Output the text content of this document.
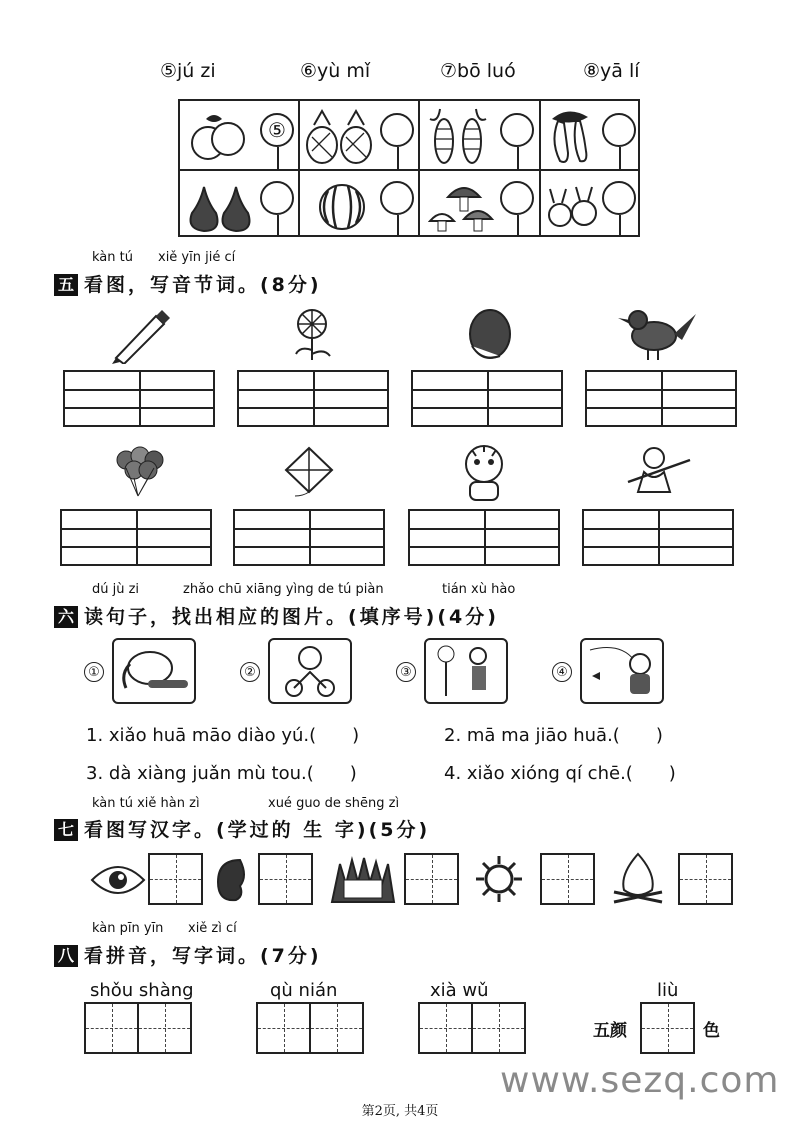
⑤jú zi	⑥yù mǐ	⑦bō luó	⑧yā lí
⑤
kàn tú xiě yīn jié cí
五 看图，写音节词。(8分)
dú jù zi	zhǎo chū xiāng yìng de tú piàn	tián xù hào
六 读句子，找出相应的图片。(填序号)(4分)
①	②	③	④
1. xiǎo huā māo diào yú.(　　)	2. mā ma jiāo huā.(　　)
3. dà xiàng juǎn mù tou.(　　)	4. xiǎo xióng qí chē.(　　)
kàn tú xiě hàn zì	xué guo de shēng zì
七 看图写汉字。(学过的 生 字)(5分)
kàn pīn yīn xiě zì cí
八 看拼音，写字词。(7分)
shǒu shàng	qù nián	xià wǔ	liù
五颜	色
www.sezq.com
第2页, 共4页
